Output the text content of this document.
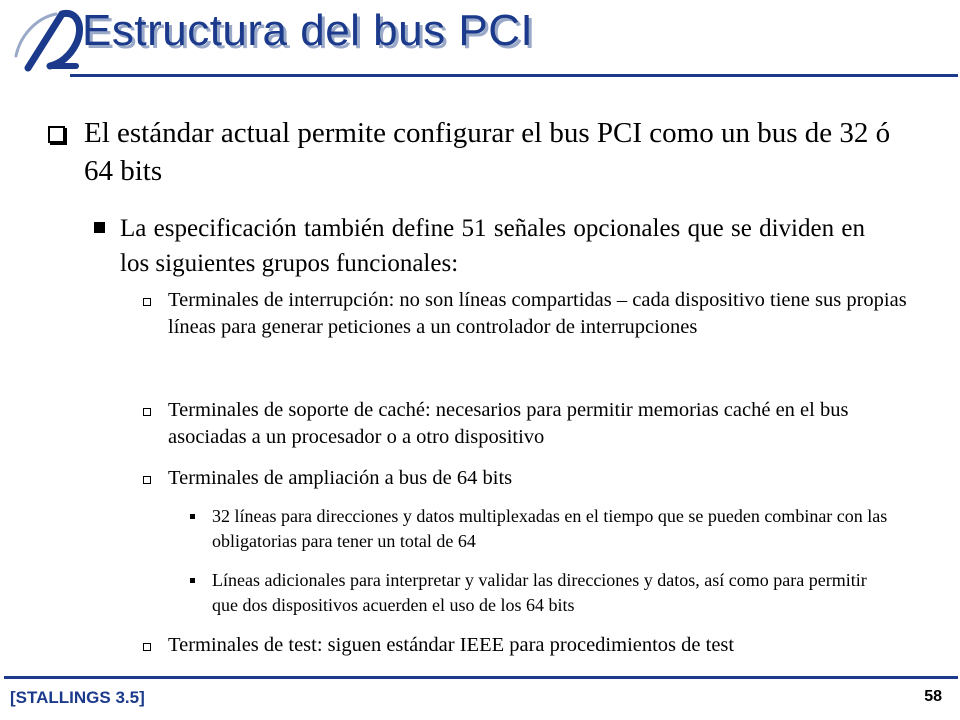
Estructura del bus PCI
El estándar actual permite configurar el bus PCI como un bus de 32 ó 64 bits
La especificación también define 51 señales opcionales que se dividen en los siguientes grupos funcionales:
Terminales de interrupción: no son líneas compartidas – cada dispositivo tiene sus propias líneas para generar peticiones a un controlador de interrupciones
Terminales de soporte de caché: necesarios para permitir memorias caché en el bus asociadas a un procesador o a otro dispositivo
Terminales de ampliación a bus de 64 bits
32 líneas para direcciones y datos multiplexadas en el tiempo que se pueden combinar con las obligatorias para tener un total de 64
Líneas adicionales para interpretar y validar las direcciones y datos, así como para permitir que dos dispositivos acuerden el uso de los 64 bits
Terminales de test: siguen estándar IEEE para procedimientos de test
[STALLINGS 3.5]	58
